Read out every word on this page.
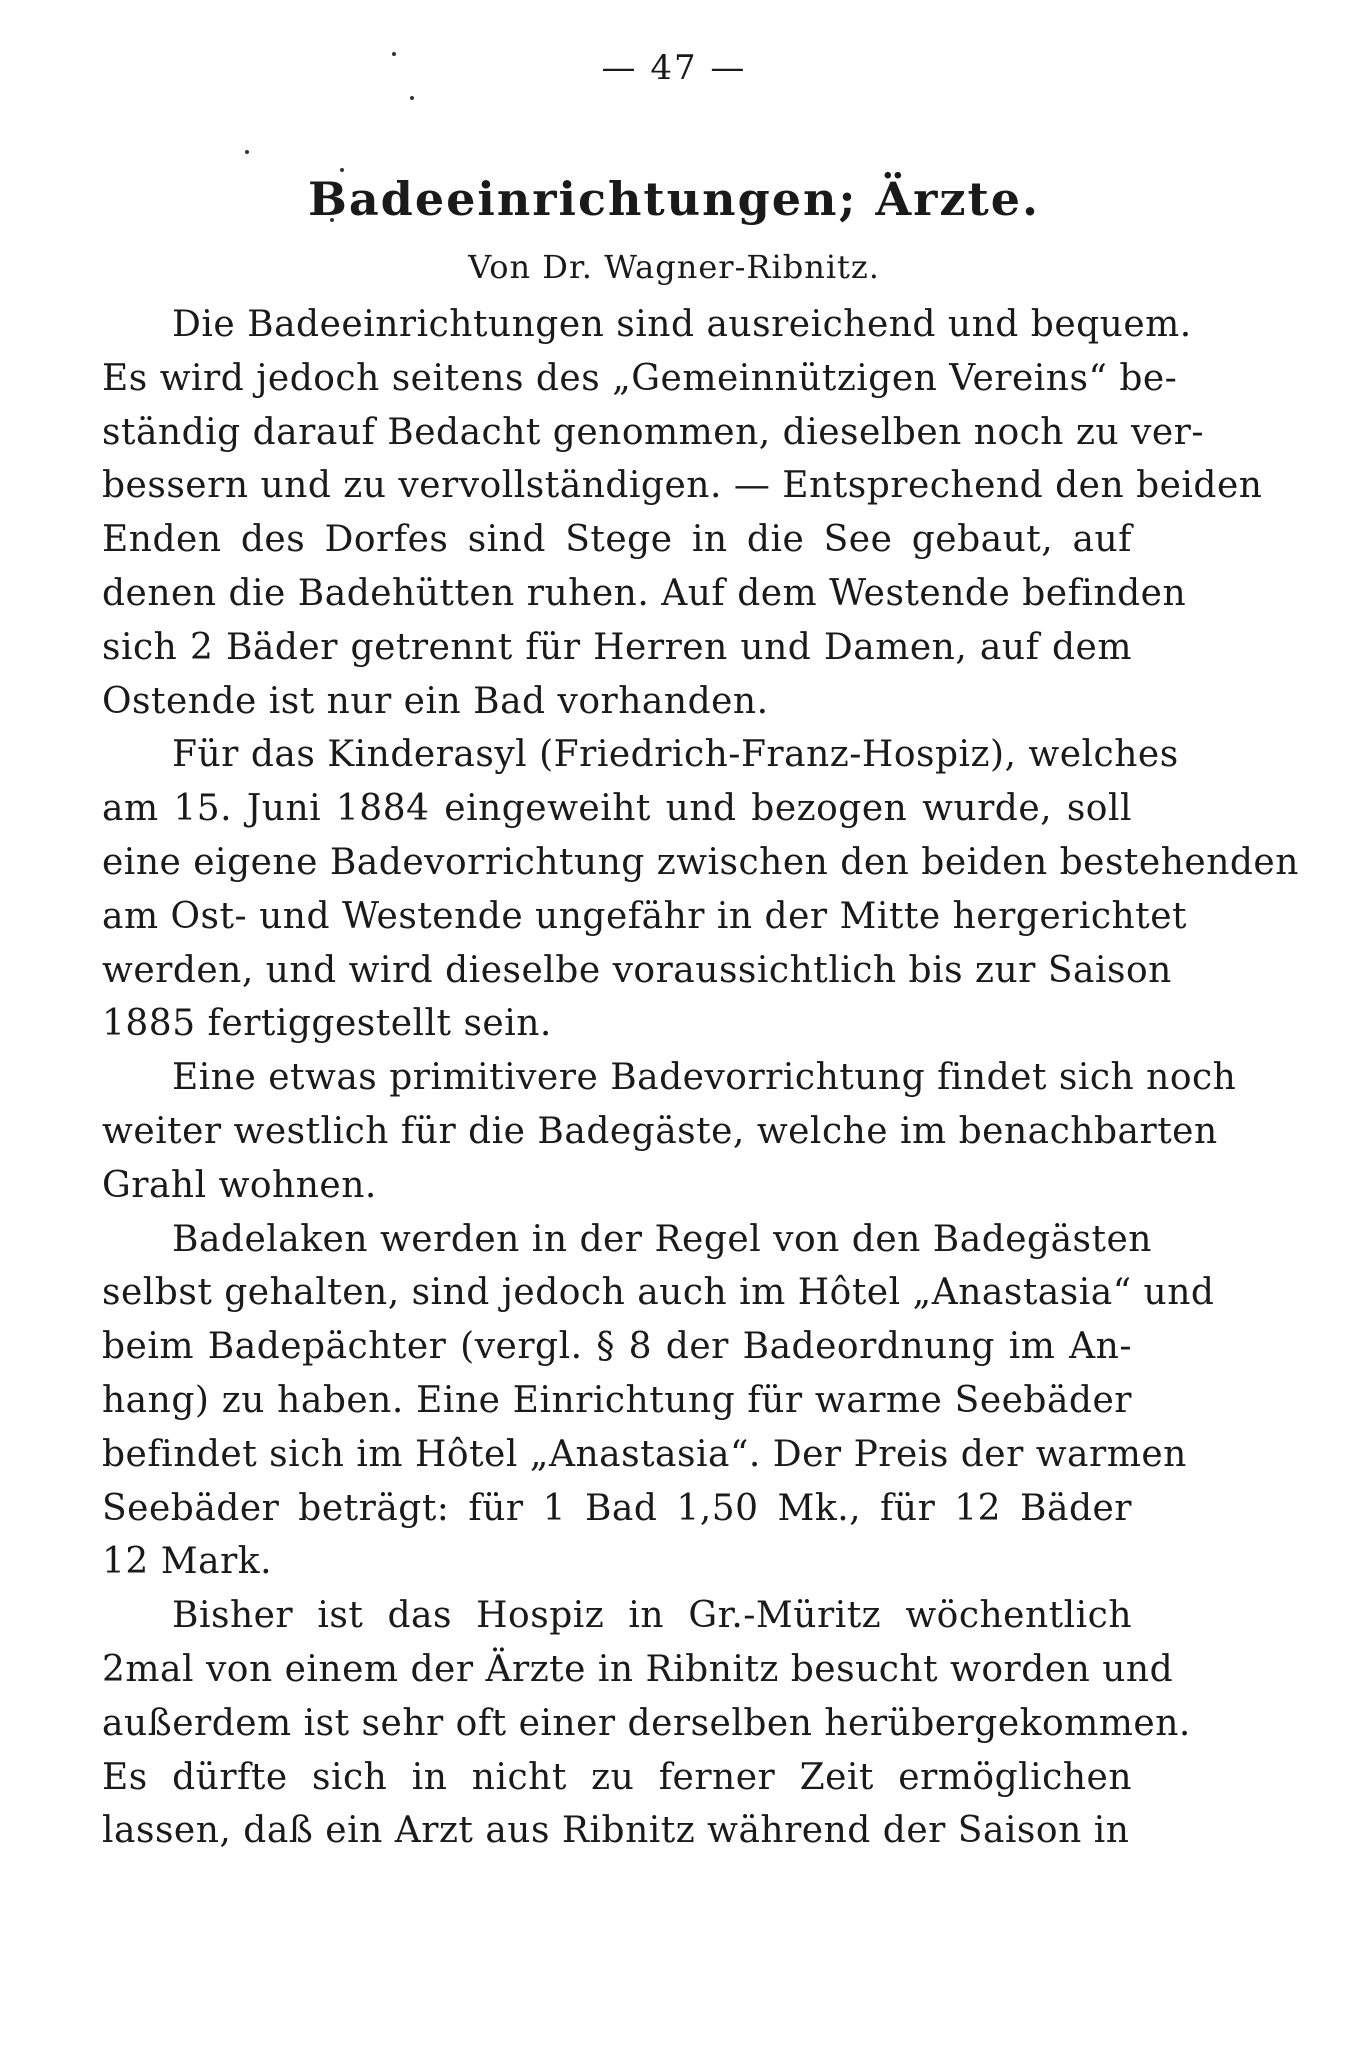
— 47 —
Badeeinrichtungen; Ärzte.
Von Dr. Wagner-Ribnitz.
Die Badeeinrichtungen sind ausreichend und bequem.
Es wird jedoch seitens des „Gemeinnützigen Vereins“ be-
ständig darauf Bedacht genommen, dieselben noch zu ver-
bessern und zu vervollständigen. — Entsprechend den beiden
Enden des Dorfes sind Stege in die See gebaut, auf
denen die Badehütten ruhen. Auf dem Westende befinden
sich 2 Bäder getrennt für Herren und Damen, auf dem
Ostende ist nur ein Bad vorhanden.
Für das Kinderasyl (Friedrich-Franz-Hospiz), welches
am 15. Juni 1884 eingeweiht und bezogen wurde, soll
eine eigene Badevorrichtung zwischen den beiden bestehenden
am Ost- und Westende ungefähr in der Mitte hergerichtet
werden, und wird dieselbe voraussichtlich bis zur Saison
1885 fertiggestellt sein.
Eine etwas primitivere Badevorrichtung findet sich noch
weiter westlich für die Badegäste, welche im benachbarten
Grahl wohnen.
Badelaken werden in der Regel von den Badegästen
selbst gehalten, sind jedoch auch im Hôtel „Anastasia“ und
beim Badepächter (vergl. § 8 der Badeordnung im An-
hang) zu haben. Eine Einrichtung für warme Seebäder
befindet sich im Hôtel „Anastasia“. Der Preis der warmen
Seebäder beträgt: für 1 Bad 1,50 Mk., für 12 Bäder
12 Mark.
Bisher ist das Hospiz in Gr.-Müritz wöchentlich
2mal von einem der Ärzte in Ribnitz besucht worden und
außerdem ist sehr oft einer derselben herübergekommen.
Es dürfte sich in nicht zu ferner Zeit ermöglichen
lassen, daß ein Arzt aus Ribnitz während der Saison in
